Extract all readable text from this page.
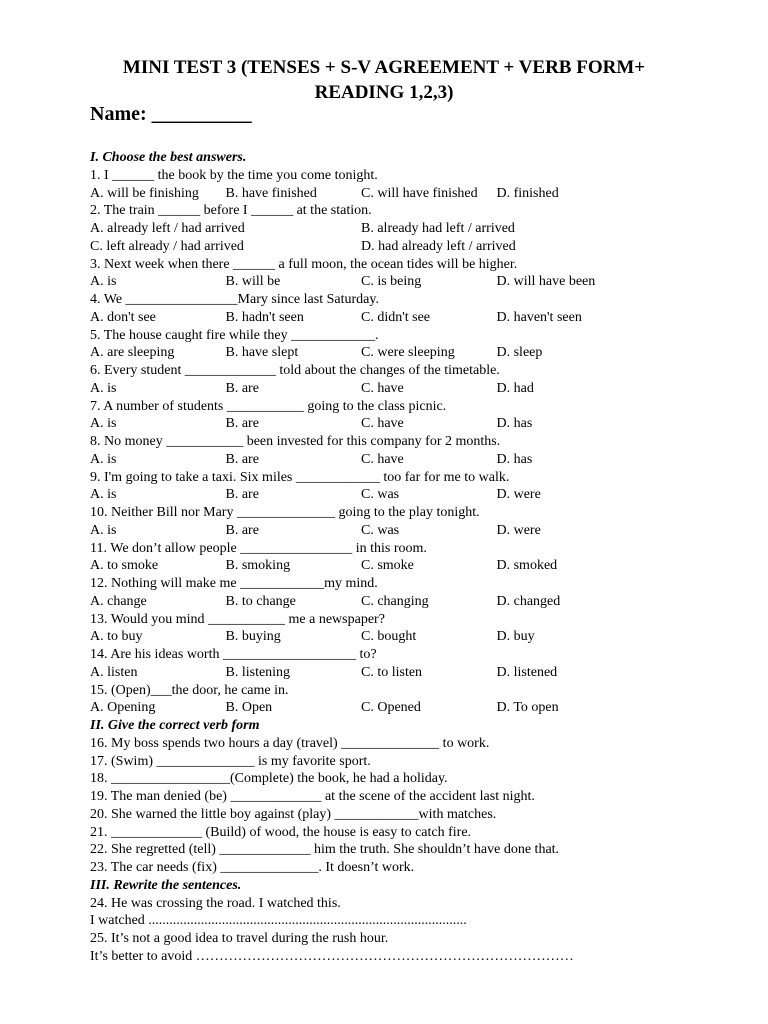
MINI TEST 3 (TENSES + S-V AGREEMENT + VERB FORM+
READING 1,2,3)
Name: __________
I. Choose the best answers.
1. I ______ the book by the time you come tonight.
A. will be finishing	B. have finished	C. will have finished	D. finished
2. The train ______ before I ______ at the station.
A. already left / had arrived	B. already had left / arrived
C. left already / had arrived	D. had already left / arrived
3. Next week when there ______ a full moon, the ocean tides will be higher.
A. is	B. will be	C. is being	D. will have been
4. We ________________Mary since last Saturday.
A. don't see	B. hadn't seen	C. didn't see	D. haven't seen
5. The house caught fire while they ____________.
A. are sleeping	B. have slept	C. were sleeping	D. sleep
6. Every student _____________ told about the changes of the timetable.
A. is	B. are	C. have	D. had
7. A number of students ___________ going to the class picnic.
A. is	B. are	C. have	D. has
8. No money ___________ been invested for this company for 2 months.
A. is	B. are	C. have	D. has
9. I'm going to take a taxi. Six miles ____________ too far for me to walk.
A. is	B. are	C. was	D. were
10. Neither Bill nor Mary ______________ going to the play tonight.
A. is	B. are	C. was	D. were
11. We don’t allow people ________________ in this room.
A. to smoke	B. smoking	C. smoke	D. smoked
12. Nothing will make me ____________my mind.
A. change	B. to change	C. changing	D. changed
13. Would you mind ___________ me a newspaper?
A. to buy	B. buying	C. bought	D. buy
14. Are his ideas worth ___________________ to?
A. listen	B. listening	C. to listen	D. listened
15. (Open)___the door, he came in.
A. Opening	B. Open	C. Opened	D. To open
II. Give the correct verb form
16. My boss spends two hours a day (travel) ______________ to work.
17. (Swim) ______________ is my favorite sport.
18. _________________(Complete) the book, he had a holiday.
19. The man denied (be) _____________ at the scene of the accident last night.
20. She warned the little boy against (play) ____________with matches.
21. _____________ (Build) of wood, the house is easy to catch fire.
22. She regretted (tell) _____________ him the truth. She shouldn’t have done that.
23. The car needs (fix) ______________. It doesn’t work.
III. Rewrite the sentences.
24. He was crossing the road. I watched this.
I watched ...........................................................................................
25. It’s not a good idea to travel during the rush hour.
It’s better to avoid ………………………………………………………………………
